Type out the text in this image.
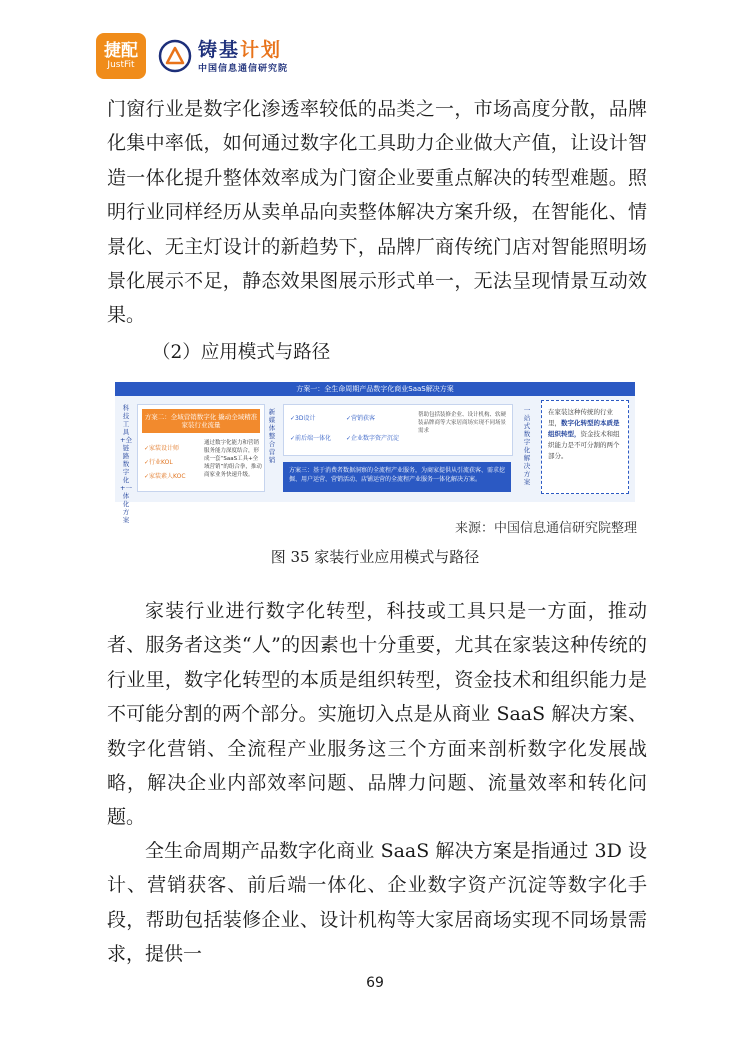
捷配
JustFit
铸基计划
中国信息通信研究院

门窗行业是数字化渗透率较低的品类之一，市场高度分散，品牌化集中率低，如何通过数字化工具助力企业做大产值，让设计智造一体化提升整体效率成为门窗企业要重点解决的转型难题。照明行业同样经历从卖单品向卖整体解决方案升级，在智能化、情景化、无主灯设计的新趋势下，品牌厂商传统门店对智能照明场景化展示不足，静态效果图展示形式单一，无法呈现情景互动效果。

（2）应用模式与路径

方案一：全生命周期产品数字化商业SaaS解决方案
科技工具+全链路数字化+一体化方案
方案二：全域营销数字化 撬动全域精准家装行业流量
✓家装设计师
✓行业KOL
✓家装素人KOC
通过数字化能力和营销服务能力深度结合，形成一套“SaaS工具+全域营销”的组合拳，推动商家业务快速升级。
新媒体整合营销
✓3D设计	✓营销获客
✓前后端一体化 ✓企业数字资产沉淀
帮助包括装修企业、设计机构、软硬装品牌商等大家居商场实现不同场景需求
方案三：基于消费者数据洞察的全流程产业服务，为商家提供从引流获客、需求挖掘、用户运营、营销活动、店铺运营的全流程产业服务一体化解决方案。
一站式数字化解决方案
在家装这种传统的行业里，数字化转型的本质是组织转型，资金技术和组织能力是不可分割的两个部分。
来源：中国信息通信研究院整理
图 35 家装行业应用模式与路径

家装行业进行数字化转型，科技或工具只是一方面，推动者、服务者这类“人”的因素也十分重要，尤其在家装这种传统的行业里，数字化转型的本质是组织转型，资金技术和组织能力是不可能分割的两个部分。实施切入点是从商业 SaaS 解决方案、数字化营销、全流程产业服务这三个方面来剖析数字化发展战略，解决企业内部效率问题、品牌力问题、流量效率和转化问题。

全生命周期产品数字化商业 SaaS 解决方案是指通过 3D 设计、营销获客、前后端一体化、企业数字资产沉淀等数字化手段，帮助包括装修企业、设计机构等大家居商场实现不同场景需求，提供一

69
